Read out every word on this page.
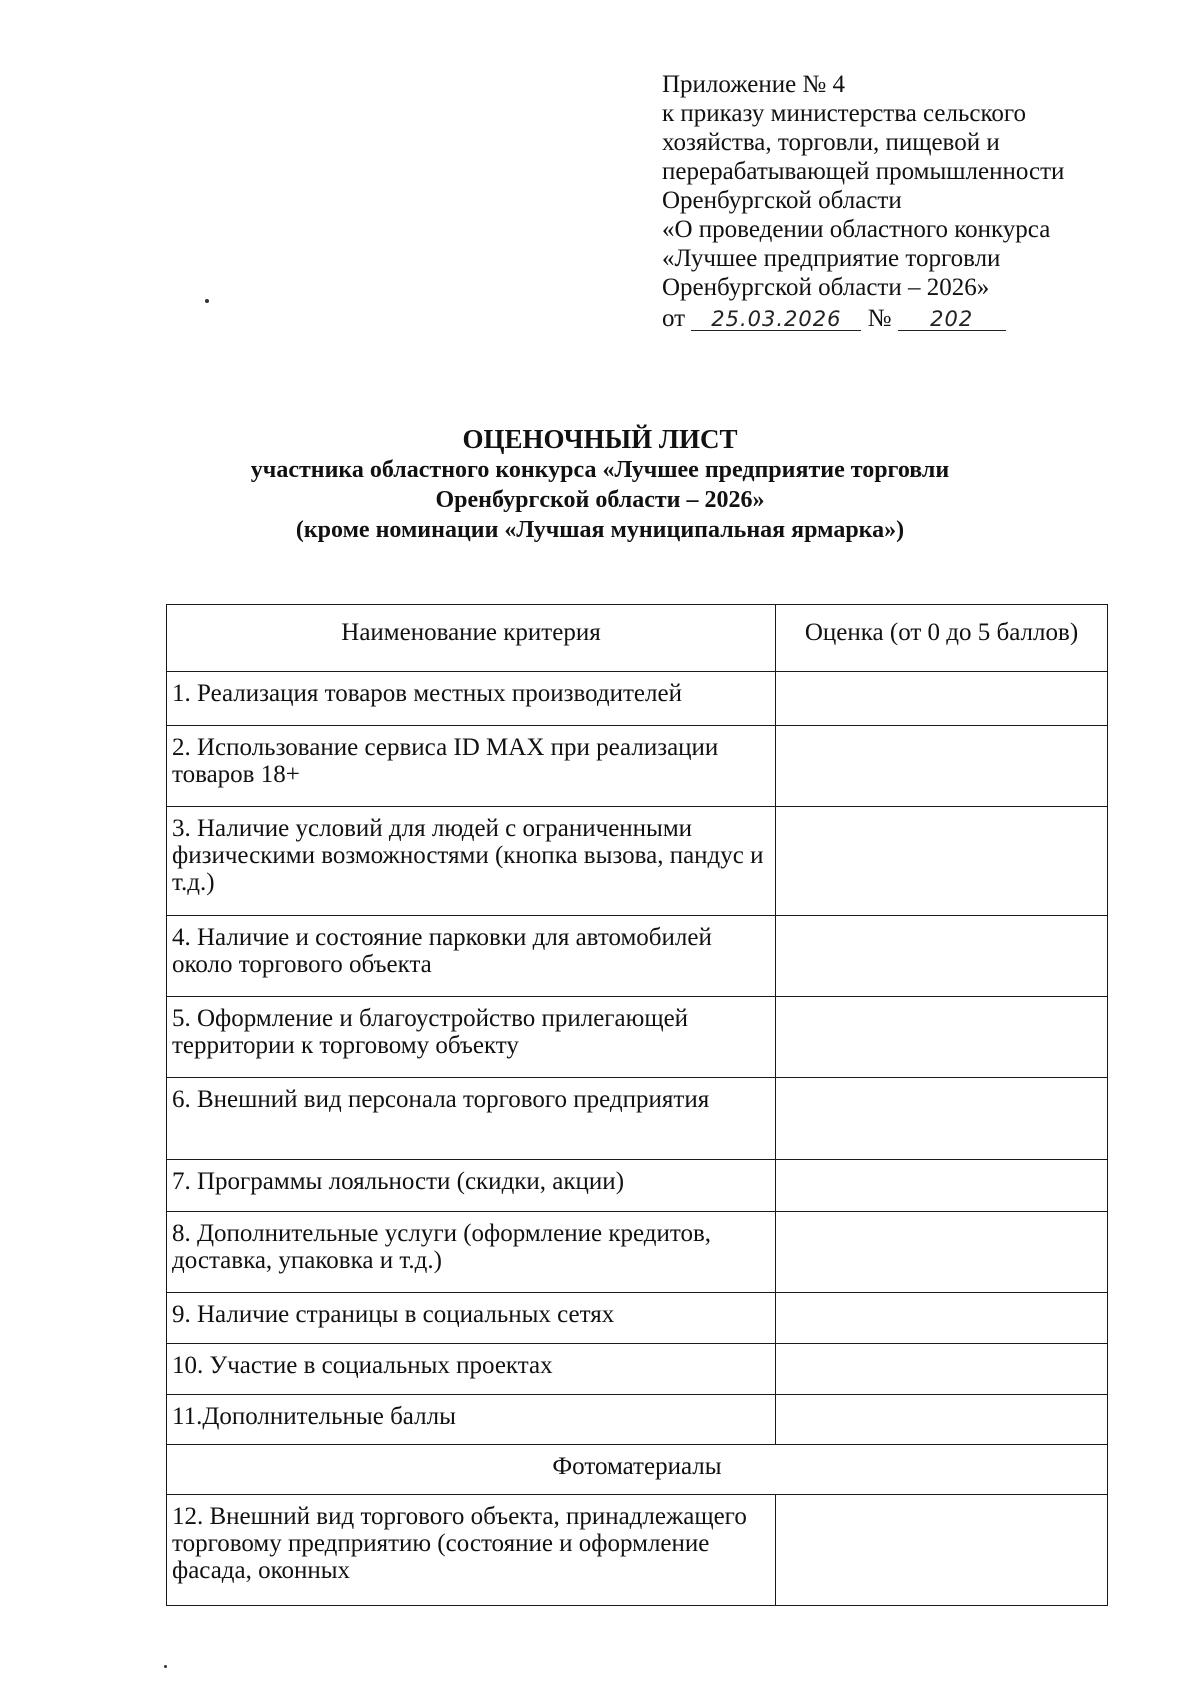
Приложение № 4
к приказу министерства сельского
хозяйства, торговли, пищевой и
перерабатывающей промышленности
Оренбургской области
«О проведении областного конкурса
«Лучшее предприятие торговли
Оренбургской области – 2026»
от 25.03.2026 № 202
ОЦЕНОЧНЫЙ ЛИСТ
участника областного конкурса «Лучшее предприятие торговли
Оренбургской области – 2026»
(кроме номинации «Лучшая муниципальная ярмарка»)
Наименование критерия	Оценка (от 0 до 5 баллов)
1. Реализация товаров местных производителей	
2. Использование сервиса ID MAX при реализации товаров 18+	
3. Наличие условий для людей с ограниченными физическими возможностями (кнопка вызова, пандус и т.д.)	
4. Наличие и состояние парковки для автомобилей около торгового объекта	
5. Оформление и благоустройство прилегающей территории к торговому объекту	
6. Внешний вид персонала торгового предприятия	
7. Программы лояльности (скидки, акции)	
8. Дополнительные услуги (оформление кредитов, доставка, упаковка и т.д.)	
9. Наличие страницы в социальных сетях	
10. Участие в социальных проектах	
11.Дополнительные баллы	
Фотоматериалы	
12. Внешний вид торгового объекта, принадлежащего торговому предприятию (состояние и оформление фасада, оконных	
